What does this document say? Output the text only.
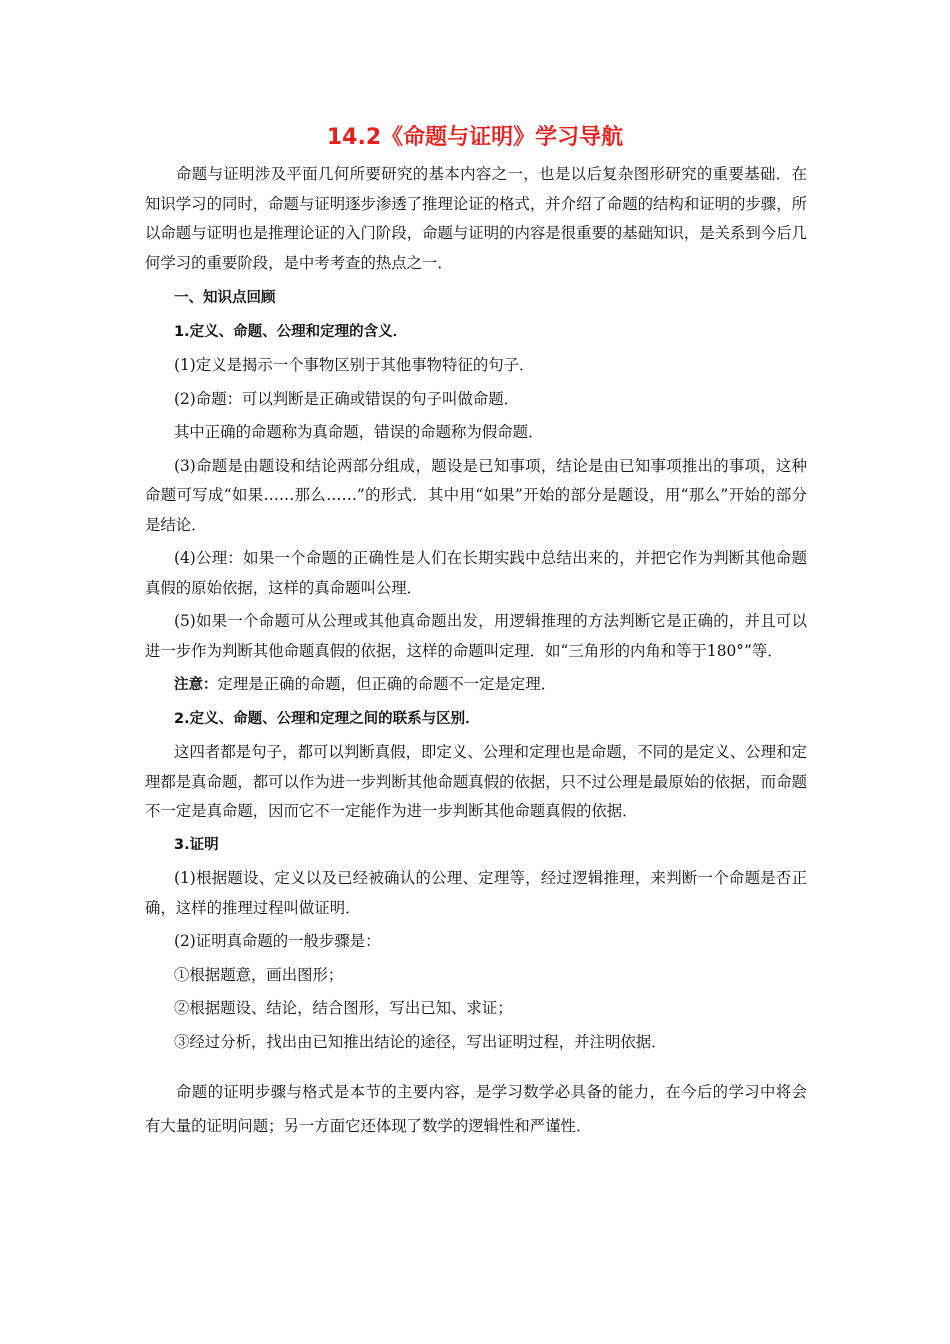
14.2《命题与证明》学习导航

命题与证明涉及平面几何所要研究的基本内容之一，也是以后复杂图形研究的重要基础．在知识学习的同时，命题与证明逐步渗透了推理论证的格式，并介绍了命题的结构和证明的步骤，所以命题与证明也是推理论证的入门阶段，命题与证明的内容是很重要的基础知识，是关系到今后几何学习的重要阶段，是中考考查的热点之一．

一、知识点回顾

1.定义、命题、公理和定理的含义．

(1)定义是揭示一个事物区别于其他事物特征的句子．

(2)命题：可以判断是正确或错误的句子叫做命题．

其中正确的命题称为真命题，错误的命题称为假命题．

(3)命题是由题设和结论两部分组成，题设是已知事项，结论是由已知事项推出的事项，这种命题可写成“如果……那么……”的形式．其中用“如果”开始的部分是题设，用“那么”开始的部分是结论．

(4)公理：如果一个命题的正确性是人们在长期实践中总结出来的，并把它作为判断其他命题真假的原始依据，这样的真命题叫公理．

(5)如果一个命题可从公理或其他真命题出发，用逻辑推理的方法判断它是正确的，并且可以进一步作为判断其他命题真假的依据，这样的命题叫定理．如“三角形的内角和等于180°”等．

注意：定理是正确的命题，但正确的命题不一定是定理．

2.定义、命题、公理和定理之间的联系与区别．

这四者都是句子，都可以判断真假，即定义、公理和定理也是命题，不同的是定义、公理和定理都是真命题，都可以作为进一步判断其他命题真假的依据，只不过公理是最原始的依据，而命题不一定是真命题，因而它不一定能作为进一步判断其他命题真假的依据．

3.证明

(1)根据题设、定义以及已经被确认的公理、定理等，经过逻辑推理，来判断一个命题是否正确，这样的推理过程叫做证明．

(2)证明真命题的一般步骤是：

①根据题意，画出图形；

②根据题设、结论，结合图形，写出已知、求证；

③经过分析，找出由已知推出结论的途径，写出证明过程，并注明依据．

命题的证明步骤与格式是本节的主要内容，是学习数学必具备的能力，在今后的学习中将会有大量的证明问题；另一方面它还体现了数学的逻辑性和严谨性．
